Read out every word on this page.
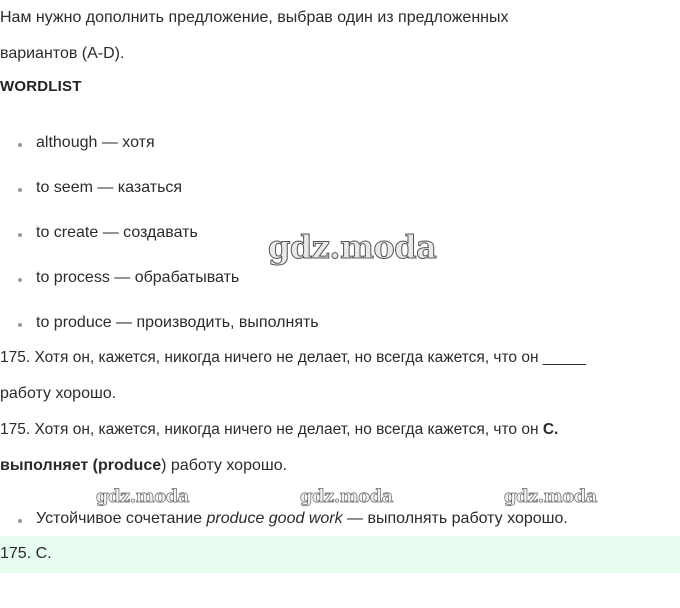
Нам нужно дополнить предложение, выбрав один из предложенных
вариантов (A-D).
WORDLIST
although — хотя
to seem — казаться
to create — создавать
to process — обрабатывать
to produce — производить, выполнять
gdz.moda
175. Хотя он, кажется, никогда ничего не делает, но всегда кажется, что он _____
работу хорошо.
175. Хотя он, кажется, никогда ничего не делает, но всегда кажется, что он C.
выполняет (produce) работу хорошо.
gdz.moda	gdz.moda	gdz.moda
Устойчивое сочетание produce good work — выполнять работу хорошо.
175. C.
